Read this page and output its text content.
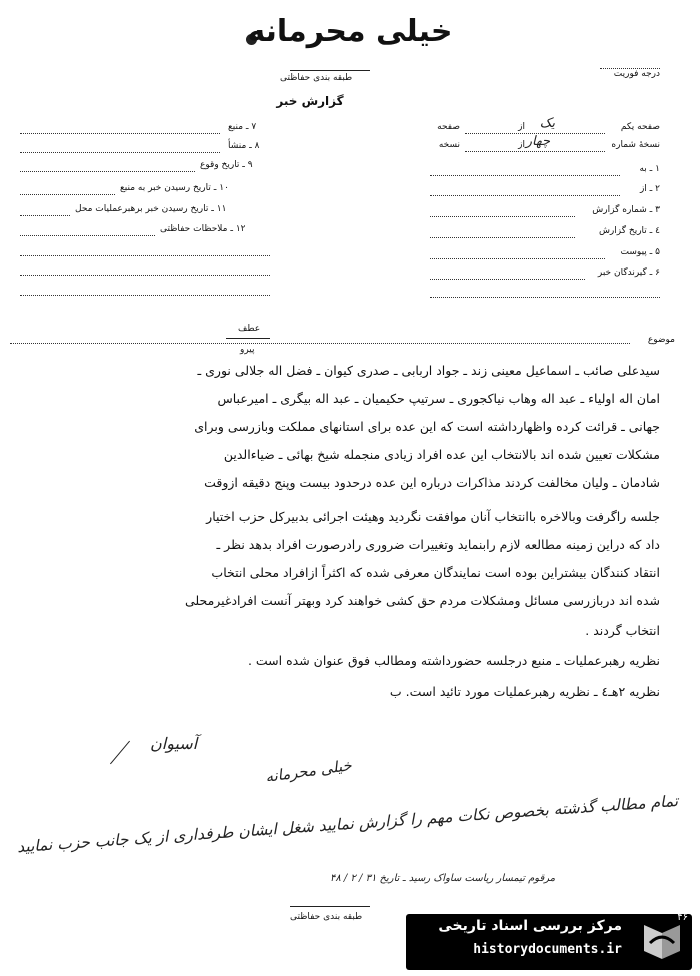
خیلی محرمانه
طبقه بندی حفاظتی
گزارش خبر
درجه فوریت
صفحه یکم
یک
از
صفحه
نسخهٔ شماره
چهار
از
نسخه
۱ ـ به
۲ ـ از
۳ ـ شماره گزارش
٤ ـ تاریخ گزارش
۵ ـ پیوست
۶ ـ گیرندگان خبر
۷ ـ منبع
۸ ـ منشأ
۹ ـ تاریخ وقوع
۱۰ ـ تاریخ رسیدن خبر به منبع
۱۱ ـ تاریخ رسیدن خبر برهبرعملیات محل
۱۲ ـ ملاحظات حفاظتی
موضوع
عطف
پیرو
سیدعلی صائب ـ اسماعیل معینی زند ـ جواد اربابی ـ صدری کیوان ـ فضل اله جلالی نوری ـ
امان اله اولیاء ـ عبد اله وهاب نیاکجوری ـ سرتیپ حکیمیان ـ عبد اله بیگری ـ امیرعباس
جهانی ـ قرائت کرده واظهارداشته است که این عده برای استانهای مملکت وبازرسی وبرای
مشکلات تعیین شده اند بالانتخاب این عده افراد زیادی منجمله شیخ بهائی ـ ضیاءالدین
شادمان ـ ولیان مخالفت کردند مذاکرات درباره این عده درحدود بیست وپنج دقیقه ازوقت
جلسه راگرفت وبالاخره باانتخاب آنان موافقت نگردید وهیئت اجرائی بدبیرکل حزب اختیار
داد که دراین زمینه مطالعه لازم رابنماید وتغییرات ضروری رادرصورت افراد بدهد نظر ـ
انتقاد کنندگان بیشتراین بوده است نمایندگان معرفی شده که اکثراً ازافراد محلی انتخاب
شده اند دربازرسی مسائل ومشکلات مردم حق کشی خواهند کرد وبهتر آنست افرادغیرمحلی
انتخاب گردند .
نظریه رهبرعملیات ـ منبع درجلسه حضورداشته ومطالب فوق عنوان شده است .
نظریه ۲هـ٤ ـ نظریه رهبرعملیات مورد تائید است. ب
آسیوان
خیلی محرمانه
تمام مطالب گذشته بخصوص نکات مهم را گزارش نمایید شغل ایشان طرفداری از یک جانب حزب نمایید
مرقوم تیمسار ریاست ساواک رسید ـ تاریخ ۳۱ / ۲ / ۴۸
طبقه بندی حفاظتی
مرکز بررسی اسناد تاریخی
historydocuments.ir
۴۶
